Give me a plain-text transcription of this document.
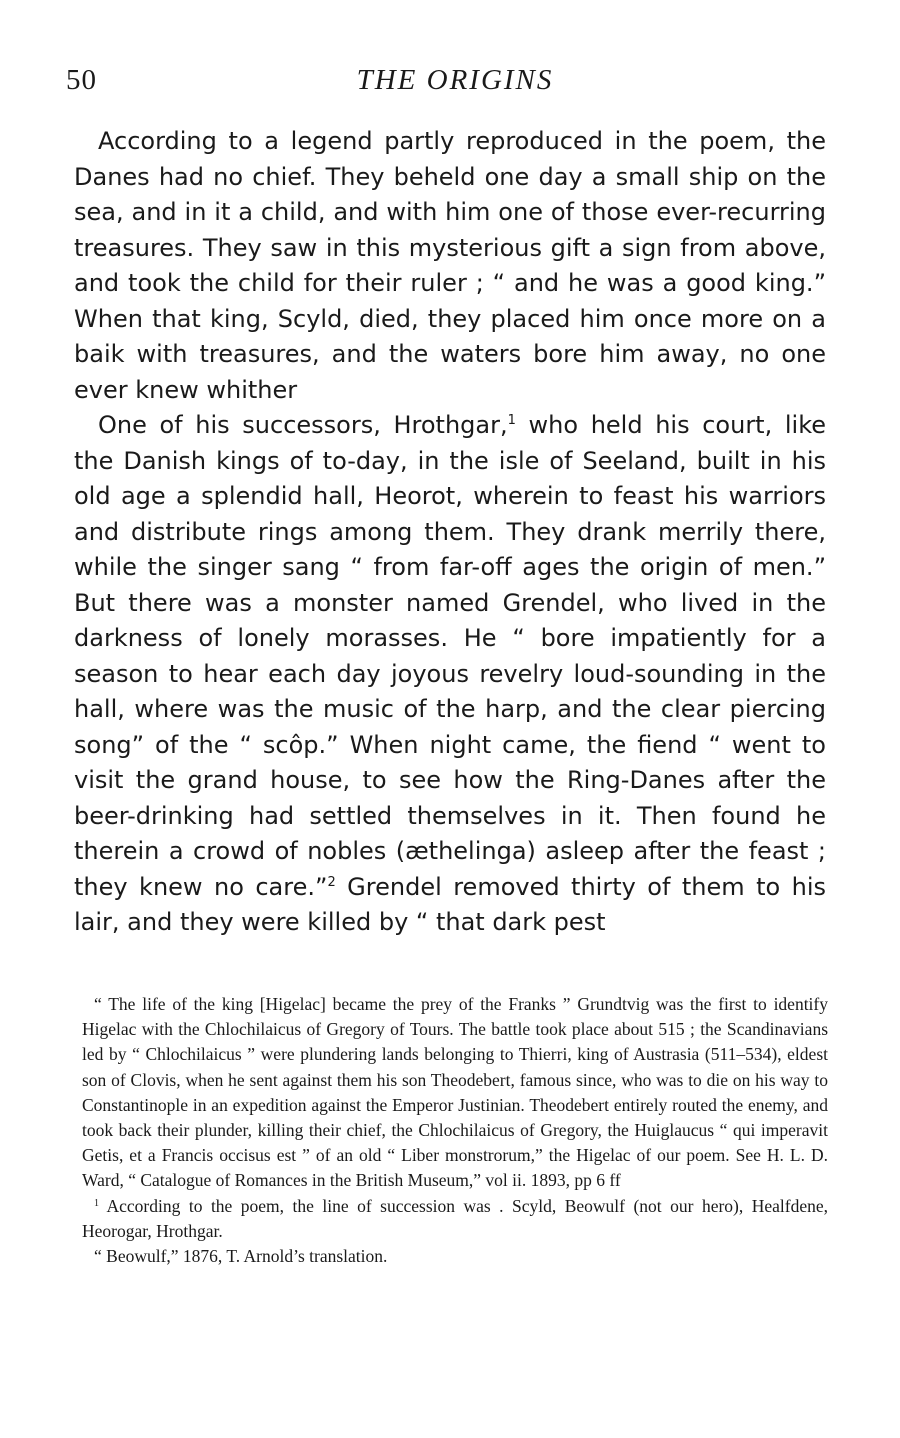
50	THE ORIGINS

According to a legend partly reproduced in the poem, the Danes had no chief. They beheld one day a small ship on the sea, and in it a child, and with him one of those ever-recurring treasures. They saw in this mysterious gift a sign from above, and took the child for their ruler ; “ and he was a good king.” When that king, Scyld, died, they placed him once more on a baik with treasures, and the waters bore him away, no one ever knew whither

One of his successors, Hrothgar,$^1$ who held his court, like the Danish kings of to-day, in the isle of Seeland, built in his old age a splendid hall, Heorot, wherein to feast his warriors and distribute rings among them. They drank merrily there, while the singer sang “ from far-off ages the origin of men.” But there was a monster named Grendel, who lived in the darkness of lonely morasses. He “ bore impatiently for a season to hear each day joyous revelry loud-sounding in the hall, where was the music of the harp, and the clear piercing song” of the “ scôp.” When night came, the fiend “ went to visit the grand house, to see how the Ring-Danes after the beer-drinking had settled themselves in it. Then found he therein a crowd of nobles (æthelinga) asleep after the feast ; they knew no care.”$^2$ Grendel removed thirty of them to his lair, and they were killed by “ that dark pest

“ The life of the king [Higelac] became the prey of the Franks ” Grundtvig was the first to identify Higelac with the Chlochilaicus of Gregory of Tours. The battle took place about 515 ; the Scandinavians led by “ Chlochilaicus ” were plundering lands belonging to Thierri, king of Austrasia (511–534), eldest son of Clovis, when he sent against them his son Theodebert, famous since, who was to die on his way to Constantinople in an expedition against the Emperor Justinian. Theodebert entirely routed the enemy, and took back their plunder, killing their chief, the Chlochilaicus of Gregory, the Huiglaucus “ qui imperavit Getis, et a Francis occisus est ” of an old “ Liber monstrorum,” the Higelac of our poem. See H. L. D. Ward, “ Catalogue of Romances in the British Museum,” vol ii. 1893, pp 6 ff

$^1$ According to the poem, the line of succession was . Scyld, Beowulf (not our hero), Healfdene, Heorogar, Hrothgar.

“ Beowulf,” 1876, T. Arnold’s translation.
